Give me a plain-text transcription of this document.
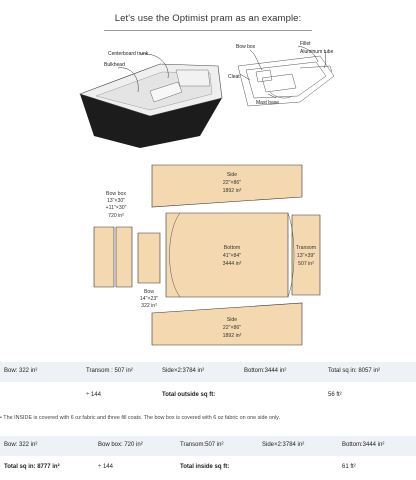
Let's use the Optimist pram as an example:
Centerboard trunk
Bulkhead
Bow box	Fillet
Aluminum tube
Cleat
Mast base
Side
22"×86"
1892 in²
Bow box
13"×30"
+11"×30"
720 in²
Bottom
41"×84"
3444 in²
Transom
13"×39"
507 in²
Bow
14"×23"
322 in²
Side
22"×86"
1892 in²
Bow: 322 in²	Transom : 507 in²	Side×2:3784 in²	Bottom:3444 in²	Total sq in: 8057 in²
÷ 144	Total outside sq ft:	56 ft²
• The INSIDE is covered with 6 oz fabric and three fill coats. The bow box is covered with 6 oz fabric on one side only.
Bow: 322 in²	Bow box: 720 in²	Transom:507 in²	Side×2:3784 in²	Bottom:3444 in²
Total sq in: 8777 in²	÷ 144	Total inside sq ft:	61 ft²
